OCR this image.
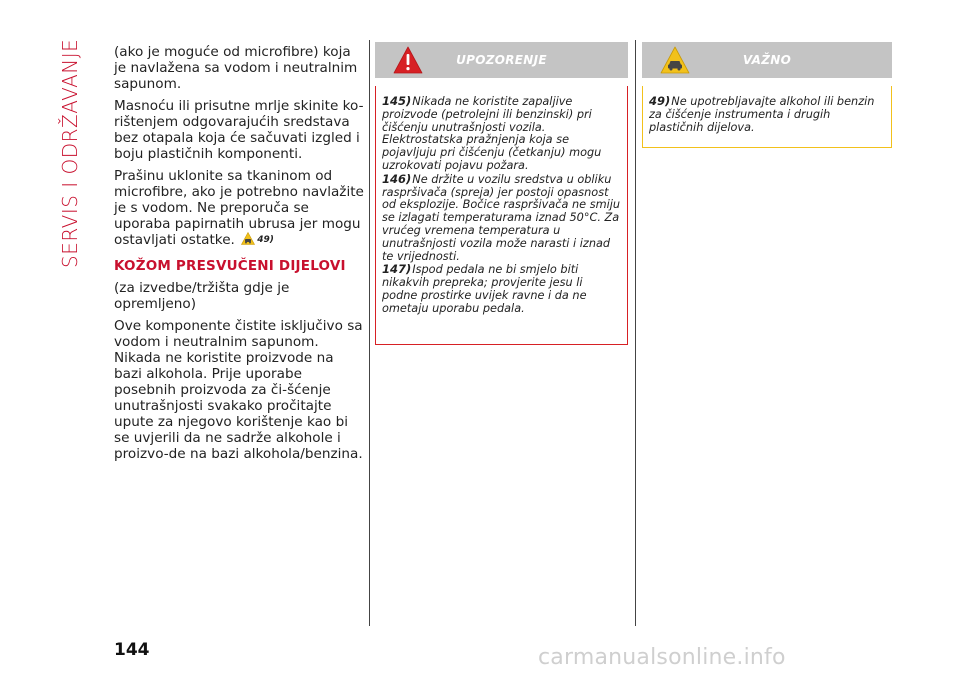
SERVIS I ODRŽAVANJE (ako je moguće od microfibre) koja je navlažena sa vodom i neutralnim sapunom.

Masnoću ili prisutne mrlje skinite ko-rištenjem odgovarajućih sredstava bez otapala koja će sačuvati izgled i boju plastičnih komponenti.

Prašinu uklonite sa tkaninom od microfibre, ako je potrebno navlažite je s vodom. Ne preporuča se uporaba papirnatih ubrusa jer mogu ostavljati ostatke. 49)

KOŽOM PRESVUČENI DIJELOVI

(za izvedbe/tržišta gdje je opremljeno)

Ove komponente čistite isključivo sa vodom i neutralnim sapunom. Nikada ne koristite proizvode na bazi alkohola. Prije uporabe posebnih proizvoda za či-šćenje unutrašnjosti svakako pročitajte upute za njegovo korištenje kao bi se uvjerili da ne sadrže alkohole i proizvo-de na bazi alkohola/benzina.

UPOZORENJE
145)Nikada ne koristite zapaljive proizvode (petrolejni ili benzinski) pri čišćenju unutrašnjosti vozila. Elektrostatska pražnjenja koja se pojavljuju pri čišćenju (četkanju) mogu uzrokovati pojavu požara.
146)Ne držite u vozilu sredstva u obliku raspršivača (spreja) jer postoji opasnost od eksplozije. Bočice raspršivača ne smiju se izlagati temperaturama iznad 50°C. Za vrućeg vremena temperatura u unutrašnjosti vozila može narasti i iznad te vrijednosti.
147)Ispod pedala ne bi smjelo biti nikakvih prepreka; provjerite jesu li podne prostirke uvijek ravne i da ne ometaju uporabu pedala.
VAŽNO
49)Ne upotrebljavajte alkohol ili benzin za čišćenje instrumenta i drugih plastičnih dijelova.
144	carmanualsonline.info
